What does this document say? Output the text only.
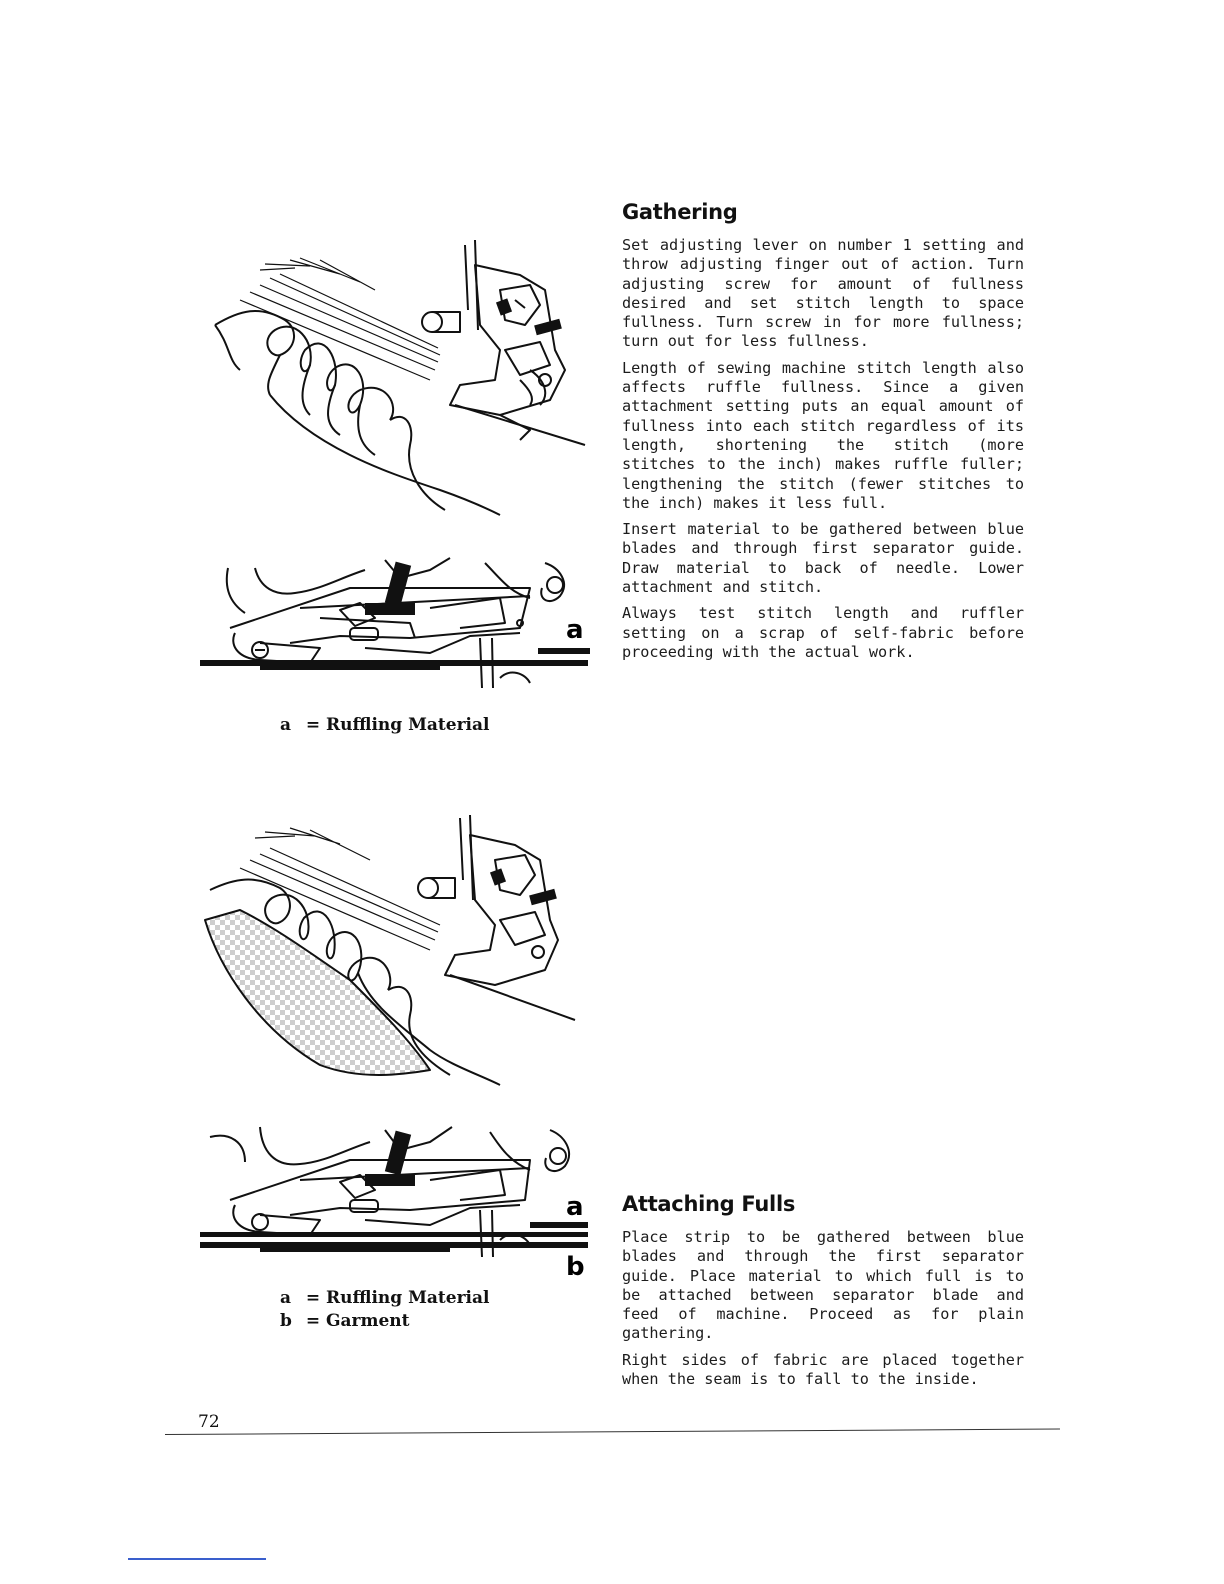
Gathering

Set adjusting lever on number 1 setting and throw adjusting finger out of action. Turn adjusting screw for amount of fullness desired and set stitch length to space fullness. Turn screw in for more fullness; turn out for less fullness.

Length of sewing machine stitch length also affects ruffle fullness. Since a given attachment setting puts an equal amount of fullness into each stitch regardless of its length, shortening the stitch (more stitches to the inch) makes ruffle fuller; lengthening the stitch (fewer stitches to the inch) makes it less full.

Insert material to be gathered between blue blades and through first separator guide. Draw material to back of needle. Lower attachment and stitch.

Always test stitch length and ruffler setting on a scrap of self-fabric before proceeding with the actual work.

Attaching Fulls

Place strip to be gathered between blue blades and through the first separator guide. Place material to which full is to be attached between separator blade and feed of machine. Proceed as for plain gathering.

Right sides of fabric are placed together when the seam is to fall to the inside.

a
a = Ruffling Material
a
b
a = Ruffling Material
b = Garment
72
